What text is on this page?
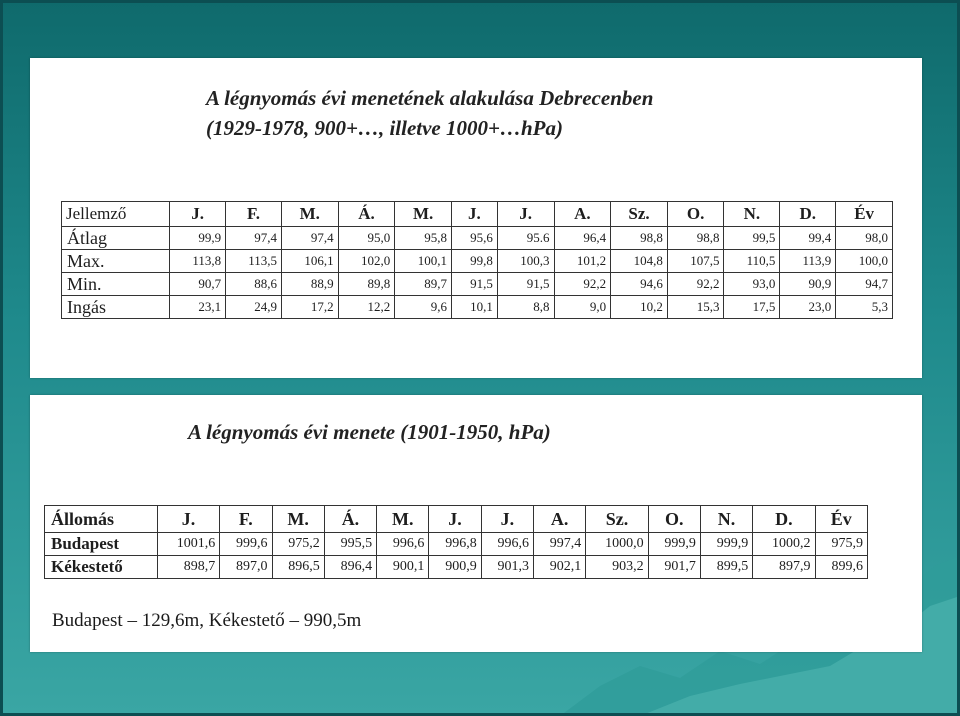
A légnyomás évi menetének alakulása Debrecenben
(1929-1978, 900+…, illetve 1000+…hPa)
Jellemző	J.	F.	M.	Á.	M.	J.	J.	A.	Sz.	O.	N.	D.	Év
Átlag	99,9	97,4	97,4	95,0	95,8	95,6	95.6	96,4	98,8	98,8	99,5	99,4	98,0
Max.	113,8	113,5	106,1	102,0	100,1	99,8	100,3	101,2	104,8	107,5	110,5	113,9	100,0
Min.	90,7	88,6	88,9	89,8	89,7	91,5	91,5	92,2	94,6	92,2	93,0	90,9	94,7
Ingás	23,1	24,9	17,2	12,2	9,6	10,1	8,8	9,0	10,2	15,3	17,5	23,0	5,3
A légnyomás évi menete (1901-1950, hPa)
Állomás	J.	F.	M.	Á.	M.	J.	J.	A.	Sz.	O.	N.	D.	Év
Budapest	1001,6	999,6	975,2	995,5	996,6	996,8	996,6	997,4	1000,0	999,9	999,9	1000,2	975,9
Kékestető	898,7	897,0	896,5	896,4	900,1	900,9	901,3	902,1	903,2	901,7	899,5	897,9	899,6
Budapest – 129,6m, Kékestető – 990,5m
